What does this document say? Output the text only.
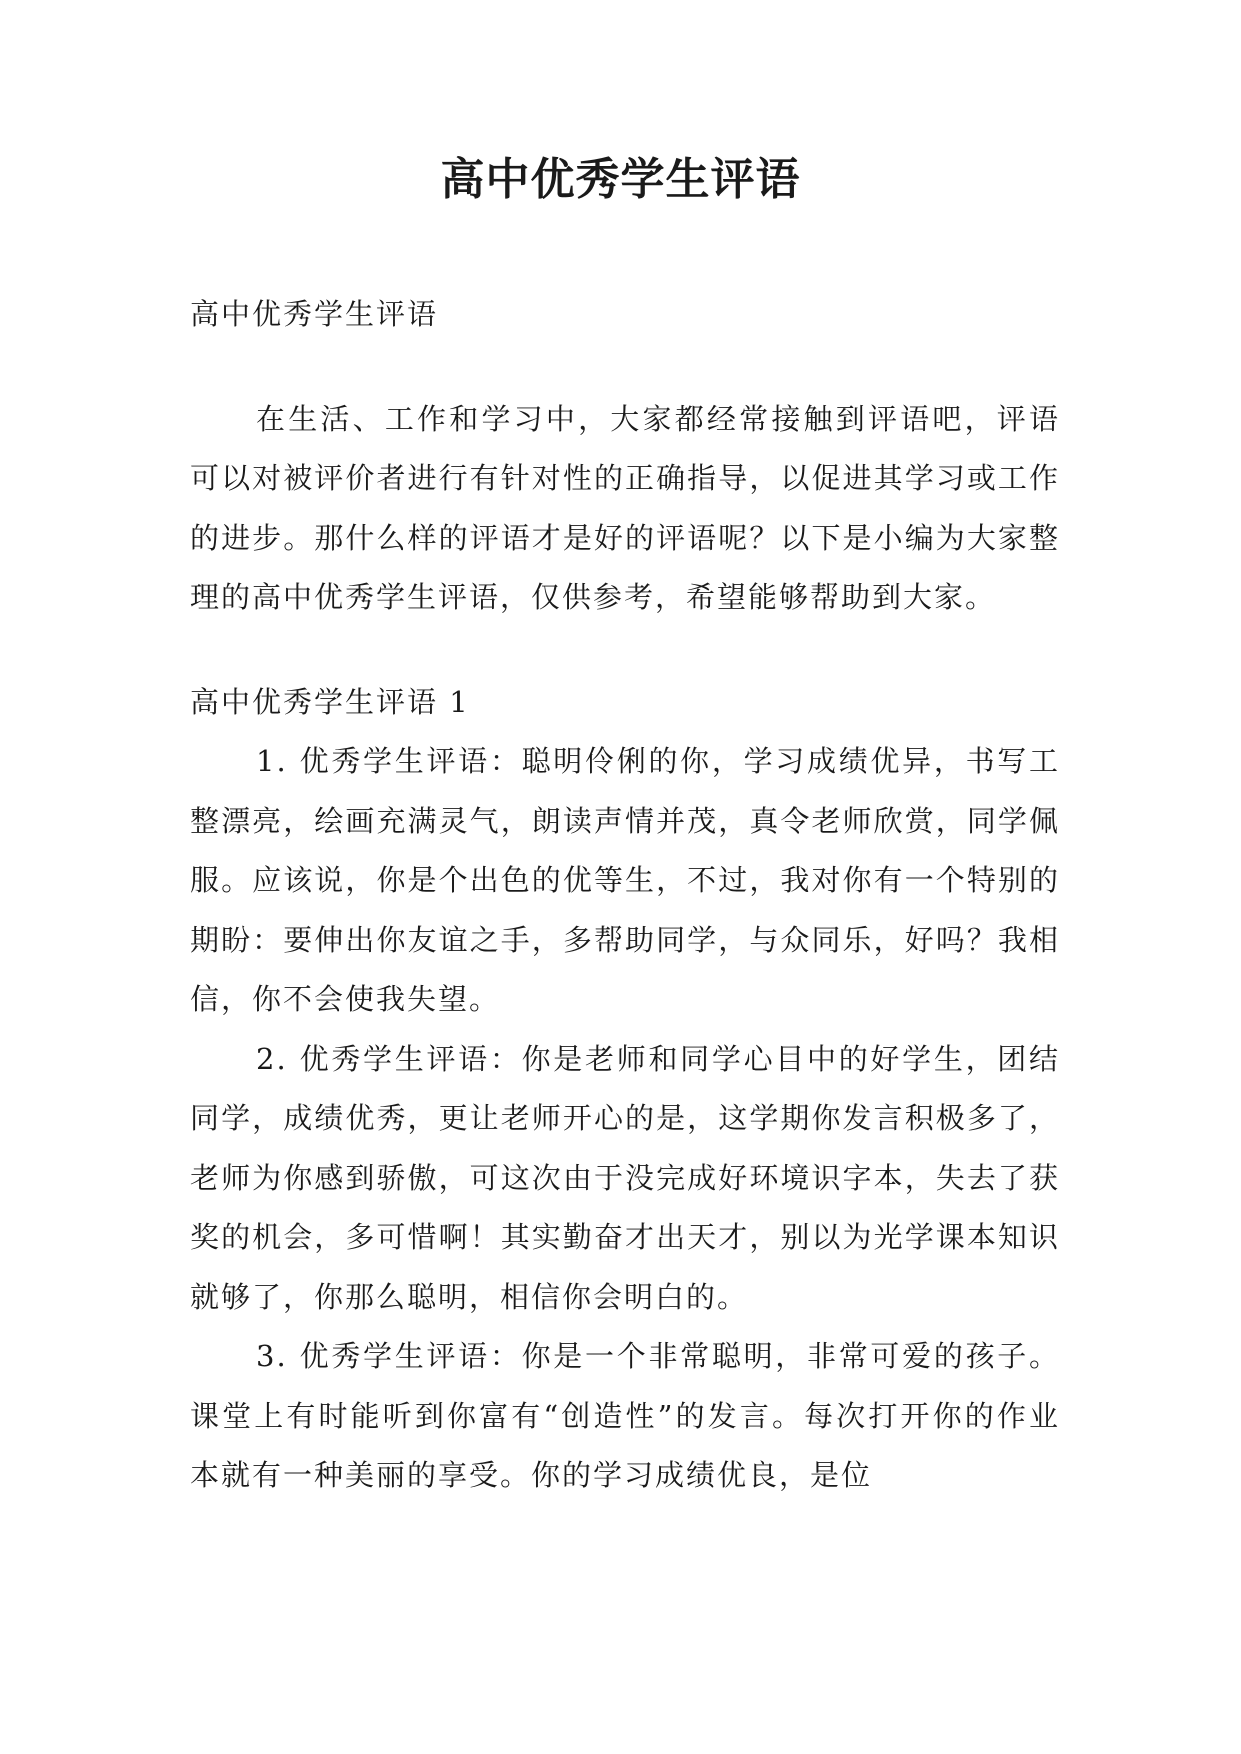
高中优秀学生评语

高中优秀学生评语

在生活、工作和学习中，大家都经常接触到评语吧，评语可以对被评价者进行有针对性的正确指导，以促进其学习或工作的进步。那什么样的评语才是好的评语呢？以下是小编为大家整理的高中优秀学生评语，仅供参考，希望能够帮助到大家。

高中优秀学生评语 1

1. 优秀学生评语：聪明伶俐的你，学习成绩优异，书写工整漂亮，绘画充满灵气，朗读声情并茂，真令老师欣赏，同学佩服。应该说，你是个出色的优等生，不过，我对你有一个特别的期盼：要伸出你友谊之手，多帮助同学，与众同乐，好吗？我相信，你不会使我失望。

2. 优秀学生评语：你是老师和同学心目中的好学生，团结同学，成绩优秀，更让老师开心的是，这学期你发言积极多了，老师为你感到骄傲，可这次由于没完成好环境识字本，失去了获奖的机会，多可惜啊！其实勤奋才出天才，别以为光学课本知识就够了，你那么聪明，相信你会明白的。

3. 优秀学生评语：你是一个非常聪明，非常可爱的孩子。课堂上有时能听到你富有“创造性”的发言。每次打开你的作业本就有一种美丽的享受。你的学习成绩优良，是位
